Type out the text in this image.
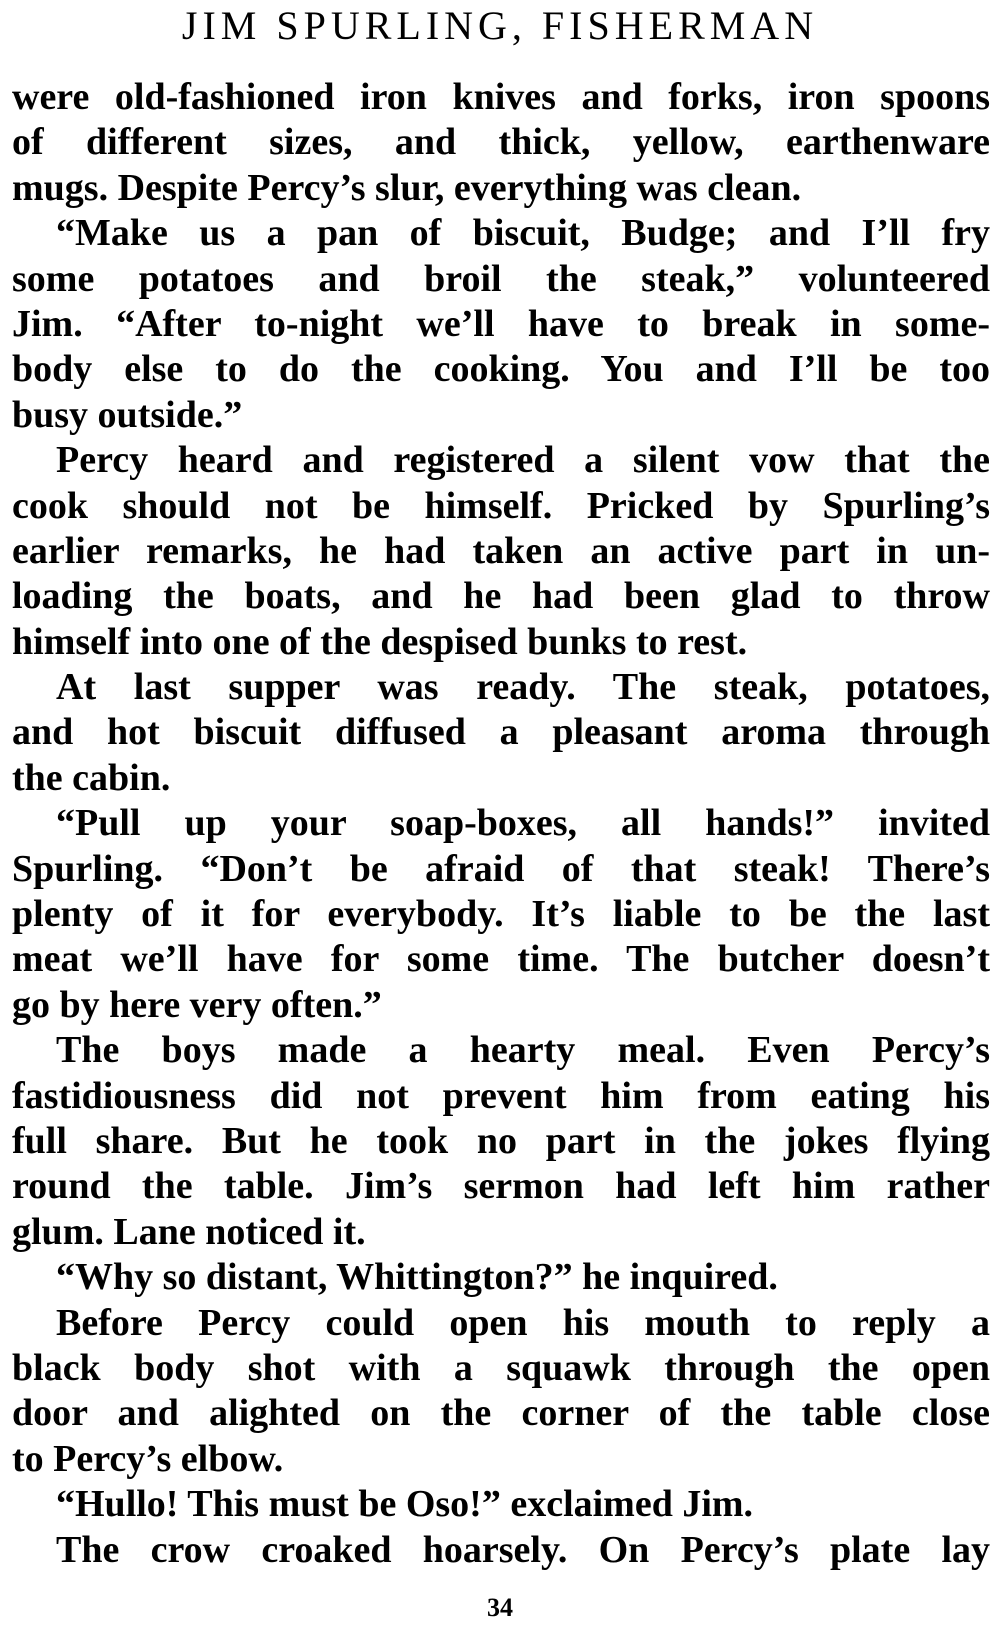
JIM SPURLING, FISHERMAN
were old-fashioned iron knives and forks, iron spoons
of different sizes, and thick, yellow, earthenware
mugs. Despite Percy’s slur, everything was clean.
“Make us a pan of biscuit, Budge; and I’ll fry
some potatoes and broil the steak,” volunteered
Jim. “After to-night we’ll have to break in some-
body else to do the cooking. You and I’ll be too
busy outside.”
Percy heard and registered a silent vow that the
cook should not be himself. Pricked by Spurling’s
earlier remarks, he had taken an active part in un-
loading the boats, and he had been glad to throw
himself into one of the despised bunks to rest.
At last supper was ready. The steak, potatoes,
and hot biscuit diffused a pleasant aroma through
the cabin.
“Pull up your soap-boxes, all hands!” invited
Spurling. “Don’t be afraid of that steak! There’s
plenty of it for everybody. It’s liable to be the last
meat we’ll have for some time. The butcher doesn’t
go by here very often.”
The boys made a hearty meal. Even Percy’s
fastidiousness did not prevent him from eating his
full share. But he took no part in the jokes flying
round the table. Jim’s sermon had left him rather
glum. Lane noticed it.
“Why so distant, Whittington?” he inquired.
Before Percy could open his mouth to reply a
black body shot with a squawk through the open
door and alighted on the corner of the table close
to Percy’s elbow.
“Hullo! This must be Oso!” exclaimed Jim.
The crow croaked hoarsely. On Percy’s plate lay
34
